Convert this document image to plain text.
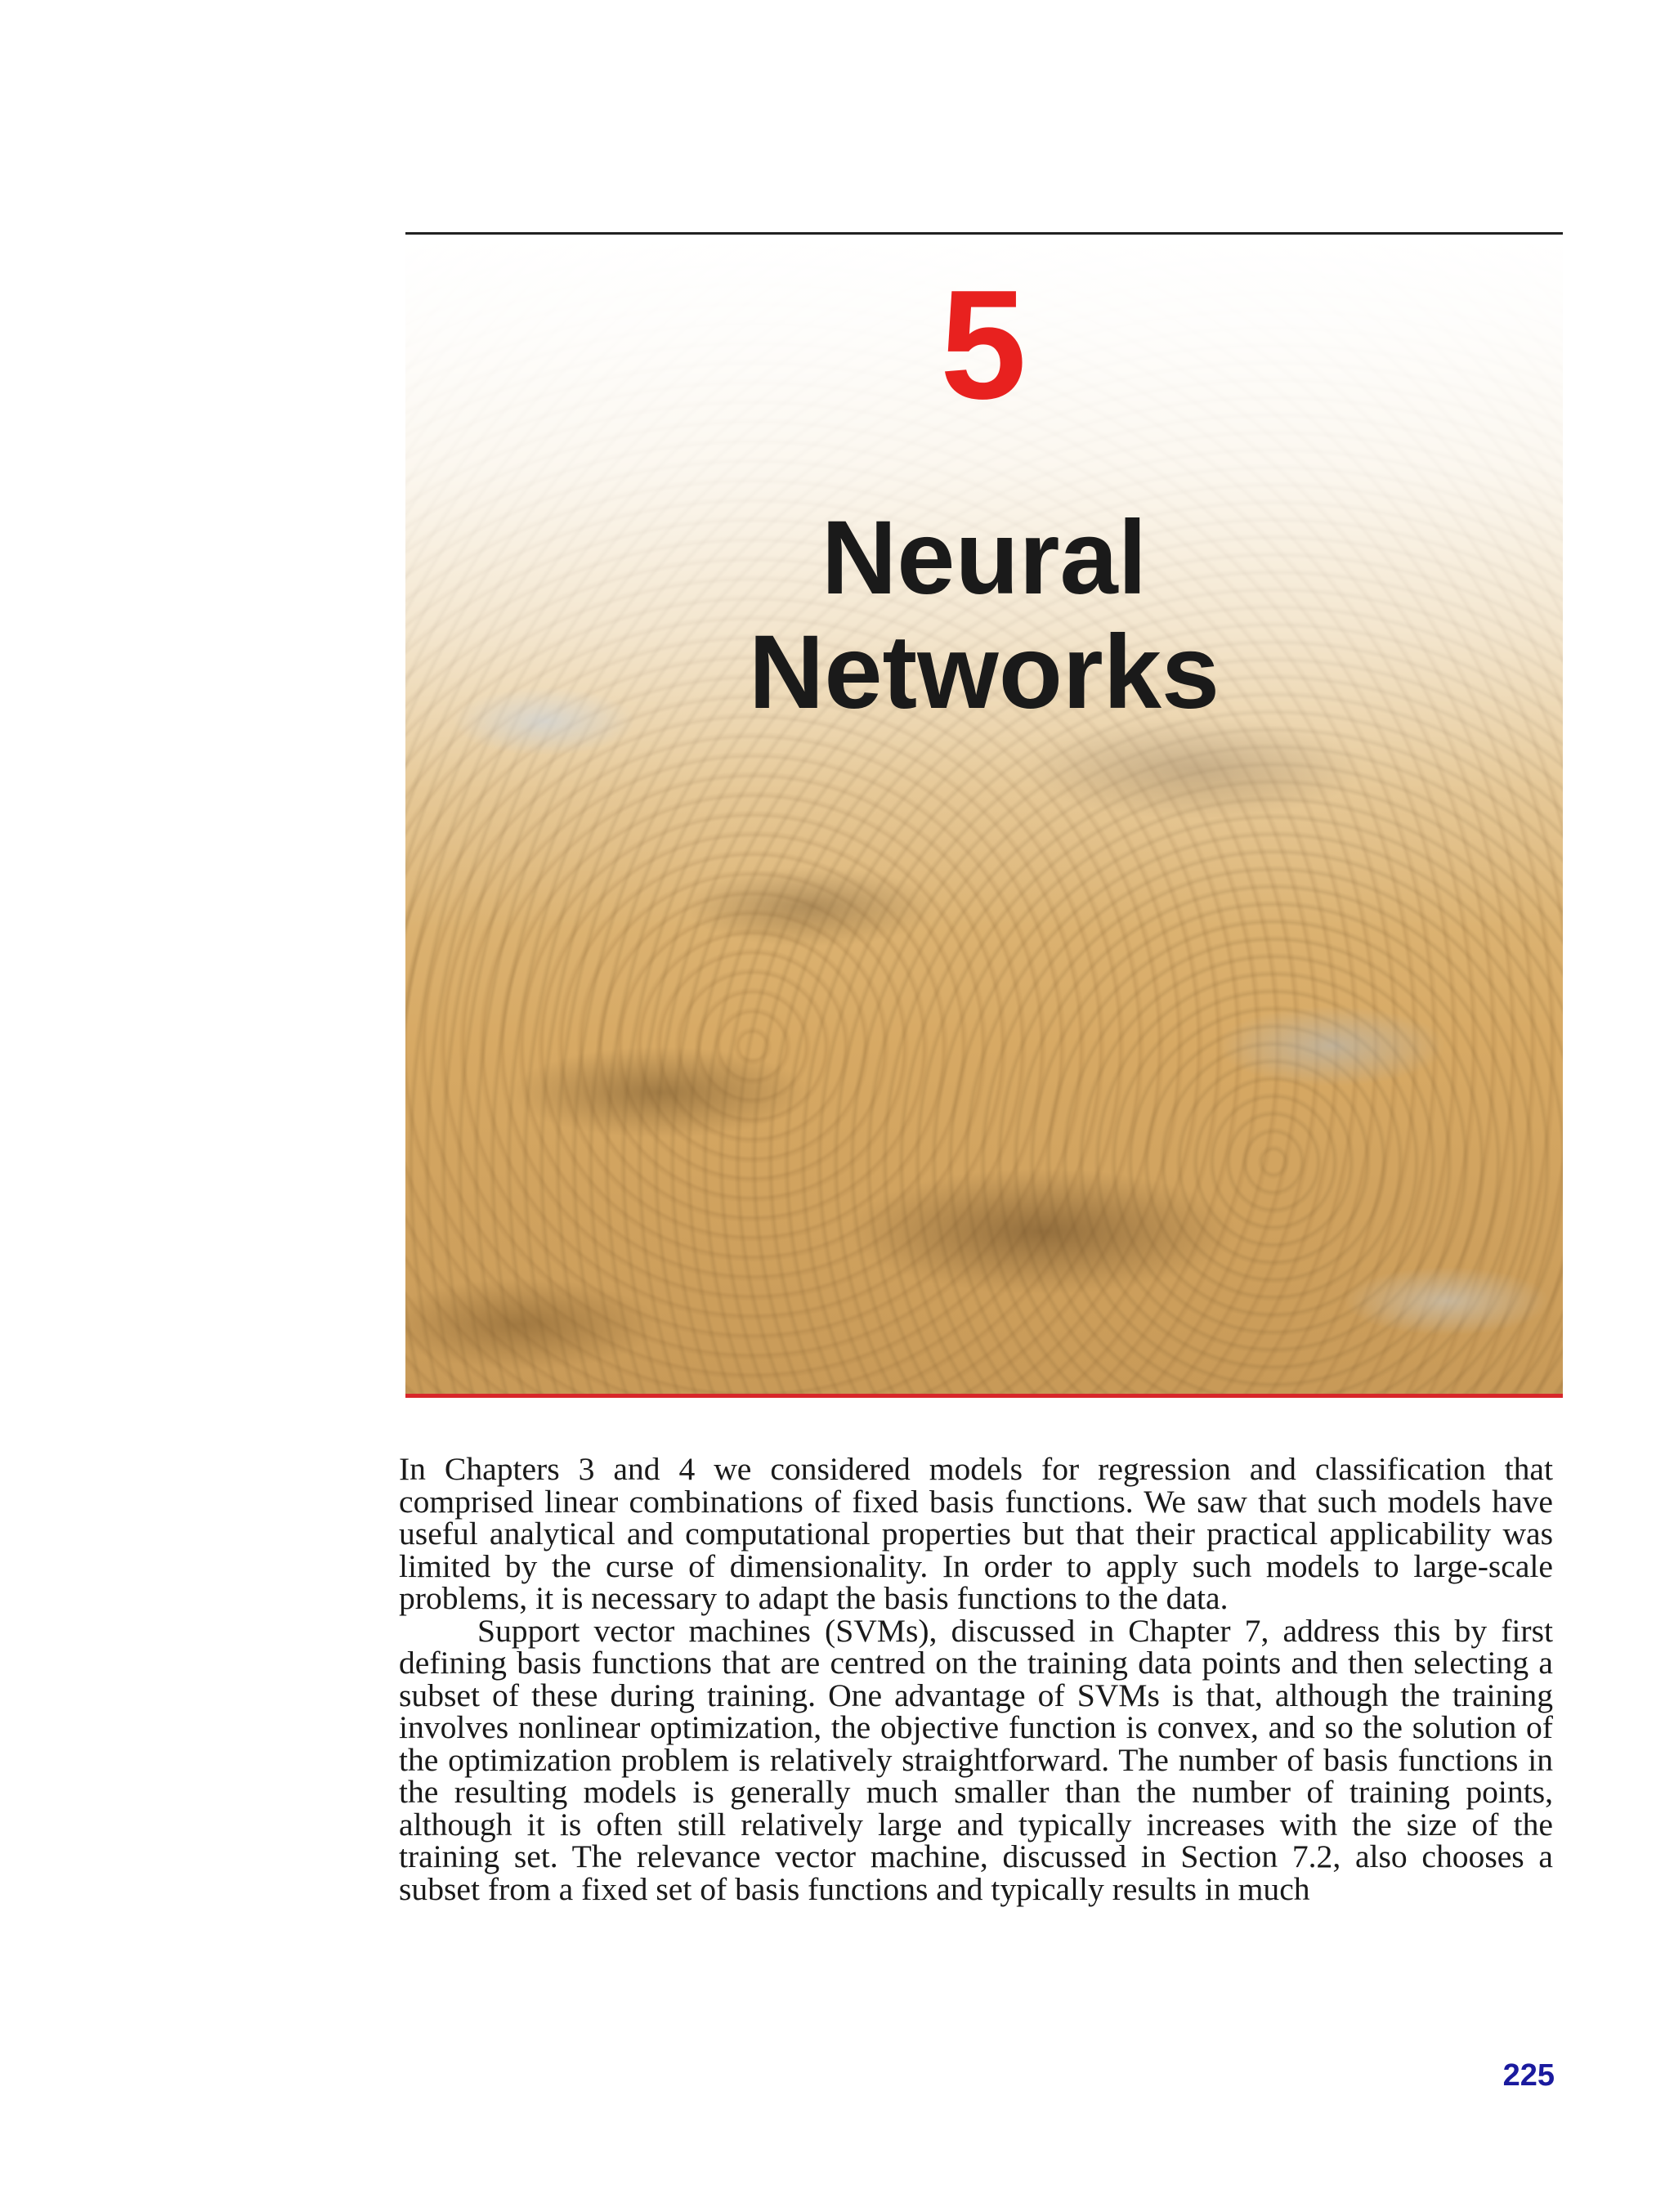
5
Neural
Networks

In Chapters 3 and 4 we considered models for regression and classification that comprised linear combinations of fixed basis functions. We saw that such models have useful analytical and computational properties but that their practical applicability was limited by the curse of dimensionality. In order to apply such models to large-scale problems, it is necessary to adapt the basis functions to the data.

Support vector machines (SVMs), discussed in Chapter 7, address this by first defining basis functions that are centred on the training data points and then selecting a subset of these during training. One advantage of SVMs is that, although the training involves nonlinear optimization, the objective function is convex, and so the solution of the optimization problem is relatively straightforward. The number of basis functions in the resulting models is generally much smaller than the number of training points, although it is often still relatively large and typically increases with the size of the training set. The relevance vector machine, discussed in Section 7.2, also chooses a subset from a fixed set of basis functions and typically results in much

225
